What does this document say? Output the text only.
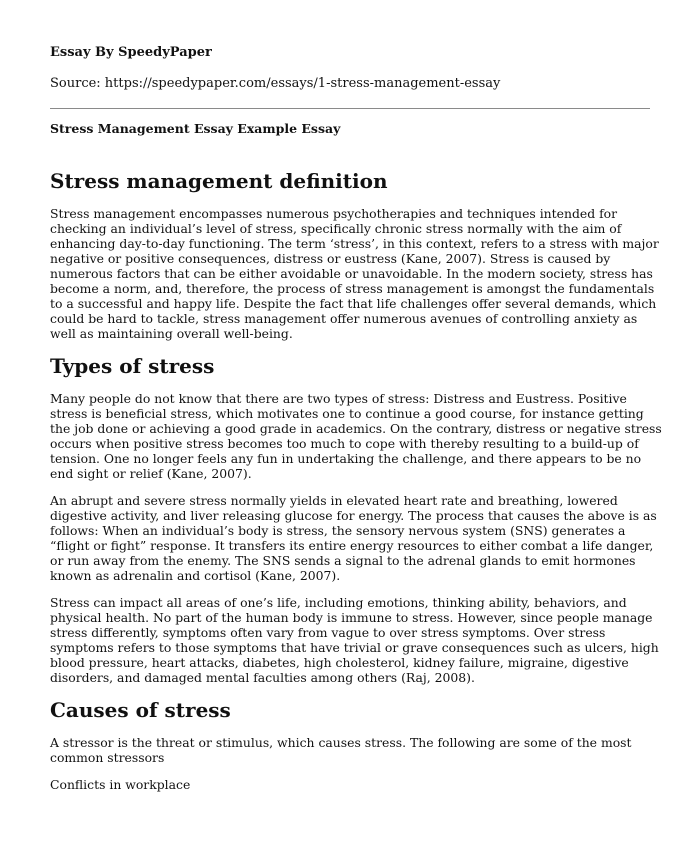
Essay By SpeedyPaper

Source: https://speedypaper.com/essays/1-stress-management-essay

Stress Management Essay Example Essay

Stress management definition

Stress management encompasses numerous psychotherapies and techniques intended for checking an individual’s level of stress, specifically chronic stress normally with the aim of enhancing day-to-day functioning. The term ‘stress’, in this context, refers to a stress with major negative or positive consequences, distress or eustress (Kane, 2007). Stress is caused by numerous factors that can be either avoidable or unavoidable. In the modern society, stress has become a norm, and, therefore, the process of stress management is amongst the fundamentals to a successful and happy life. Despite the fact that life challenges offer several demands, which could be hard to tackle, stress management offer numerous avenues of controlling anxiety as well as maintaining overall well-being.

Types of stress

Many people do not know that there are two types of stress: Distress and Eustress. Positive stress is beneficial stress, which motivates one to continue a good course, for instance getting the job done or achieving a good grade in academics. On the contrary, distress or negative stress occurs when positive stress becomes too much to cope with thereby resulting to a build-up of tension. One no longer feels any fun in undertaking the challenge, and there appears to be no end sight or relief (Kane, 2007).

An abrupt and severe stress normally yields in elevated heart rate and breathing, lowered digestive activity, and liver releasing glucose for energy. The process that causes the above is as follows: When an individual’s body is stress, the sensory nervous system (SNS) generates a “flight or fight” response. It transfers its entire energy resources to either combat a life danger, or run away from the enemy. The SNS sends a signal to the adrenal glands to emit hormones known as adrenalin and cortisol (Kane, 2007).

Stress can impact all areas of one’s life, including emotions, thinking ability, behaviors, and physical health. No part of the human body is immune to stress. However, since people manage stress differently, symptoms often vary from vague to over stress symptoms. Over stress symptoms refers to those symptoms that have trivial or grave consequences such as ulcers, high blood pressure, heart attacks, diabetes, high cholesterol, kidney failure, migraine, digestive disorders, and damaged mental faculties among others (Raj, 2008).

Causes of stress

A stressor is the threat or stimulus, which causes stress. The following are some of the most common stressors

Conflicts in workplace
